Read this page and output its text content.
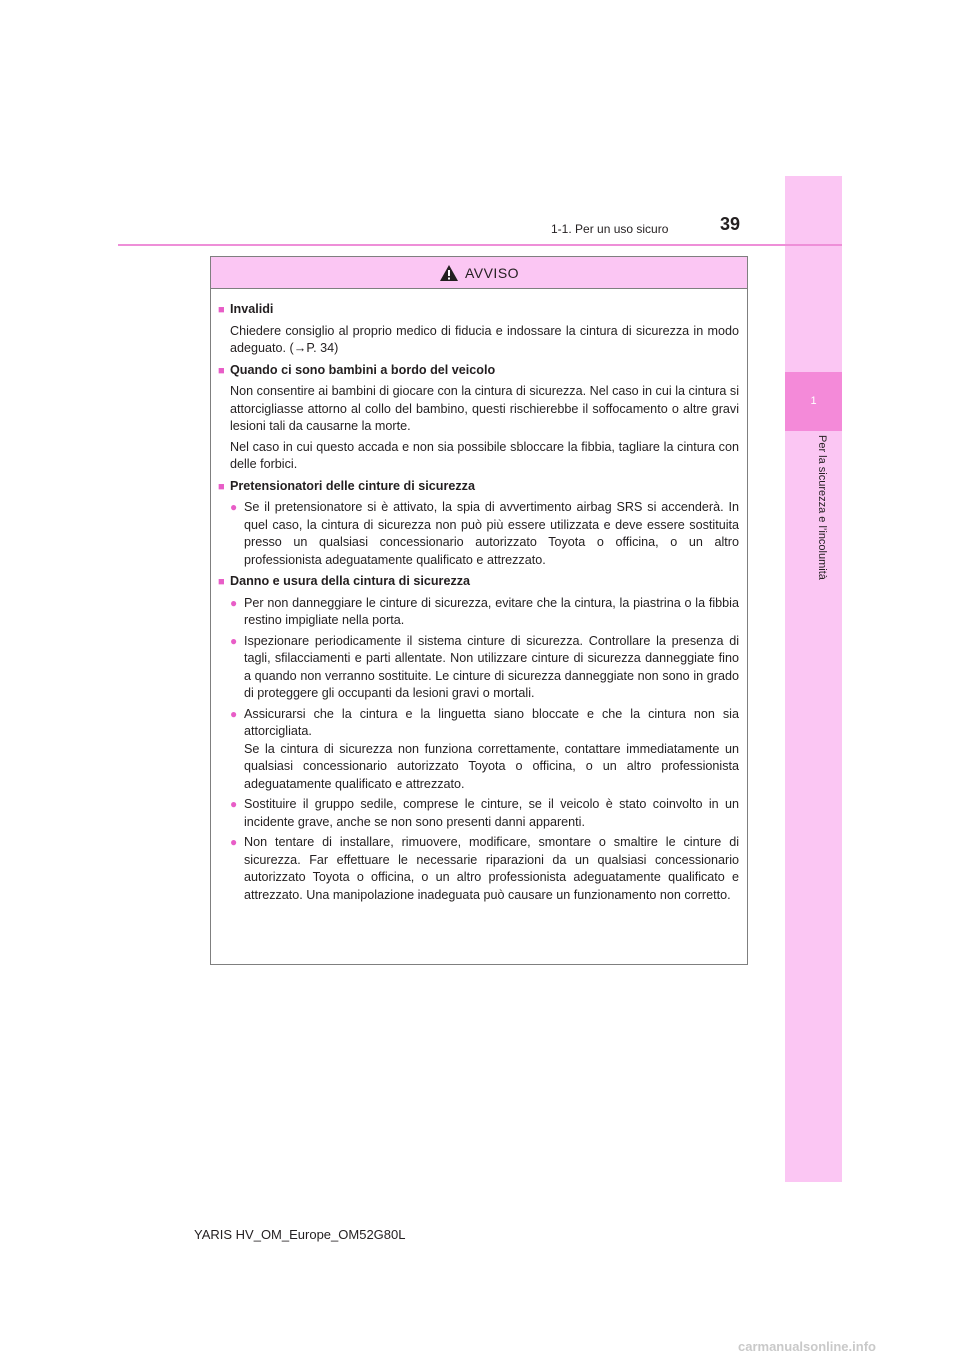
1
Per la sicurezza e l’incolumità
39
1-1. Per un uso sicuro
AVVISO
■ Invalidi
Chiedere consiglio al proprio medico di fiducia e indossare la cintura di sicurezza in modo adeguato. (→P. 34)
■ Quando ci sono bambini a bordo del veicolo
Non consentire ai bambini di giocare con la cintura di sicurezza. Nel caso in cui la cintura si attorcigliasse attorno al collo del bambino, questi rischierebbe il soffocamento o altre gravi lesioni tali da causarne la morte.
Nel caso in cui questo accada e non sia possibile sbloccare la fibbia, tagliare la cintura con delle forbici.
■ Pretensionatori delle cinture di sicurezza
● Se il pretensionatore si è attivato, la spia di avvertimento airbag SRS si accenderà. In quel caso, la cintura di sicurezza non può più essere utilizzata e deve essere sostituita presso un qualsiasi concessionario autorizzato Toyota o officina, o un altro professionista adeguatamente qualificato e attrezzato.
■ Danno e usura della cintura di sicurezza
● Per non danneggiare le cinture di sicurezza, evitare che la cintura, la piastrina o la fibbia restino impigliate nella porta.
● Ispezionare periodicamente il sistema cinture di sicurezza. Controllare la presenza di tagli, sfilacciamenti e parti allentate. Non utilizzare cinture di sicurezza danneggiate fino a quando non verranno sostituite. Le cinture di sicurezza danneggiate non sono in grado di proteggere gli occupanti da lesioni gravi o mortali.
● Assicurarsi che la cintura e la linguetta siano bloccate e che la cintura non sia attorcigliata.
Se la cintura di sicurezza non funziona correttamente, contattare immediatamente un qualsiasi concessionario autorizzato Toyota o officina, o un altro professionista adeguatamente qualificato e attrezzato.
● Sostituire il gruppo sedile, comprese le cinture, se il veicolo è stato coinvolto in un incidente grave, anche se non sono presenti danni apparenti.
● Non tentare di installare, rimuovere, modificare, smontare o smaltire le cinture di sicurezza. Far effettuare le necessarie riparazioni da un qualsiasi concessionario autorizzato Toyota o officina, o un altro professionista adeguatamente qualificato e attrezzato. Una manipolazione inadeguata può causare un funzionamento non corretto.
YARIS HV_OM_Europe_OM52G80L
carmanualsonline.info
